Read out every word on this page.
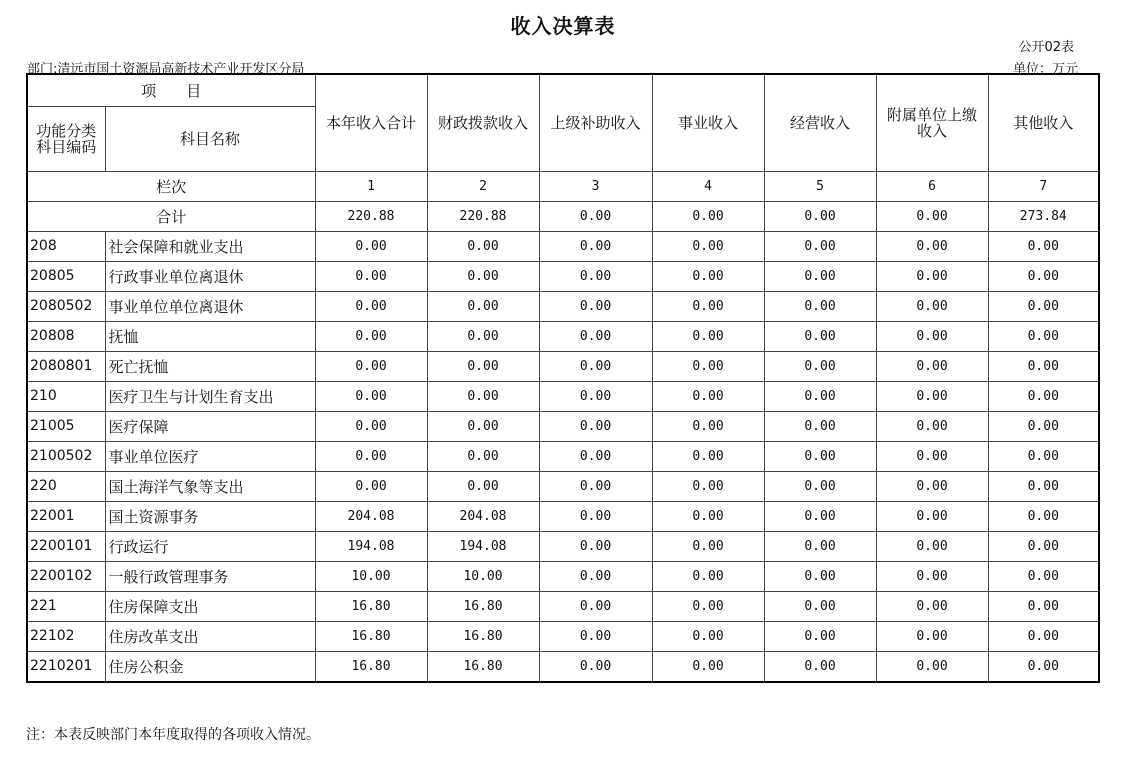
收入决算表
公开02表
部门:清远市国土资源局高新技术产业开发区分局	单位：万元
项　　目		本年收入合计	财政拨款收入	上级补助收入	事业收入	经营收入	附属单位上缴收入	其他收入
功能分类科目编码	科目名称							
栏次		1	2	3	4	5	6	7
合计		220.88	220.88	0.00	0.00	0.00	0.00	273.84
208	社会保障和就业支出	0.00	0.00	0.00	0.00	0.00	0.00	0.00
20805	行政事业单位离退休	0.00	0.00	0.00	0.00	0.00	0.00	0.00
2080502	事业单位单位离退休	0.00	0.00	0.00	0.00	0.00	0.00	0.00
20808	抚恤	0.00	0.00	0.00	0.00	0.00	0.00	0.00
2080801	死亡抚恤	0.00	0.00	0.00	0.00	0.00	0.00	0.00
210	医疗卫生与计划生育支出	0.00	0.00	0.00	0.00	0.00	0.00	0.00
21005	医疗保障	0.00	0.00	0.00	0.00	0.00	0.00	0.00
2100502	事业单位医疗	0.00	0.00	0.00	0.00	0.00	0.00	0.00
220	国土海洋气象等支出	0.00	0.00	0.00	0.00	0.00	0.00	0.00
22001	国土资源事务	204.08	204.08	0.00	0.00	0.00	0.00	0.00
2200101	行政运行	194.08	194.08	0.00	0.00	0.00	0.00	0.00
2200102	一般行政管理事务	10.00	10.00	0.00	0.00	0.00	0.00	0.00
221	住房保障支出	16.80	16.80	0.00	0.00	0.00	0.00	0.00
22102	住房改革支出	16.80	16.80	0.00	0.00	0.00	0.00	0.00
2210201	住房公积金	16.80	16.80	0.00	0.00	0.00	0.00	0.00
注：本表反映部门本年度取得的各项收入情况。
